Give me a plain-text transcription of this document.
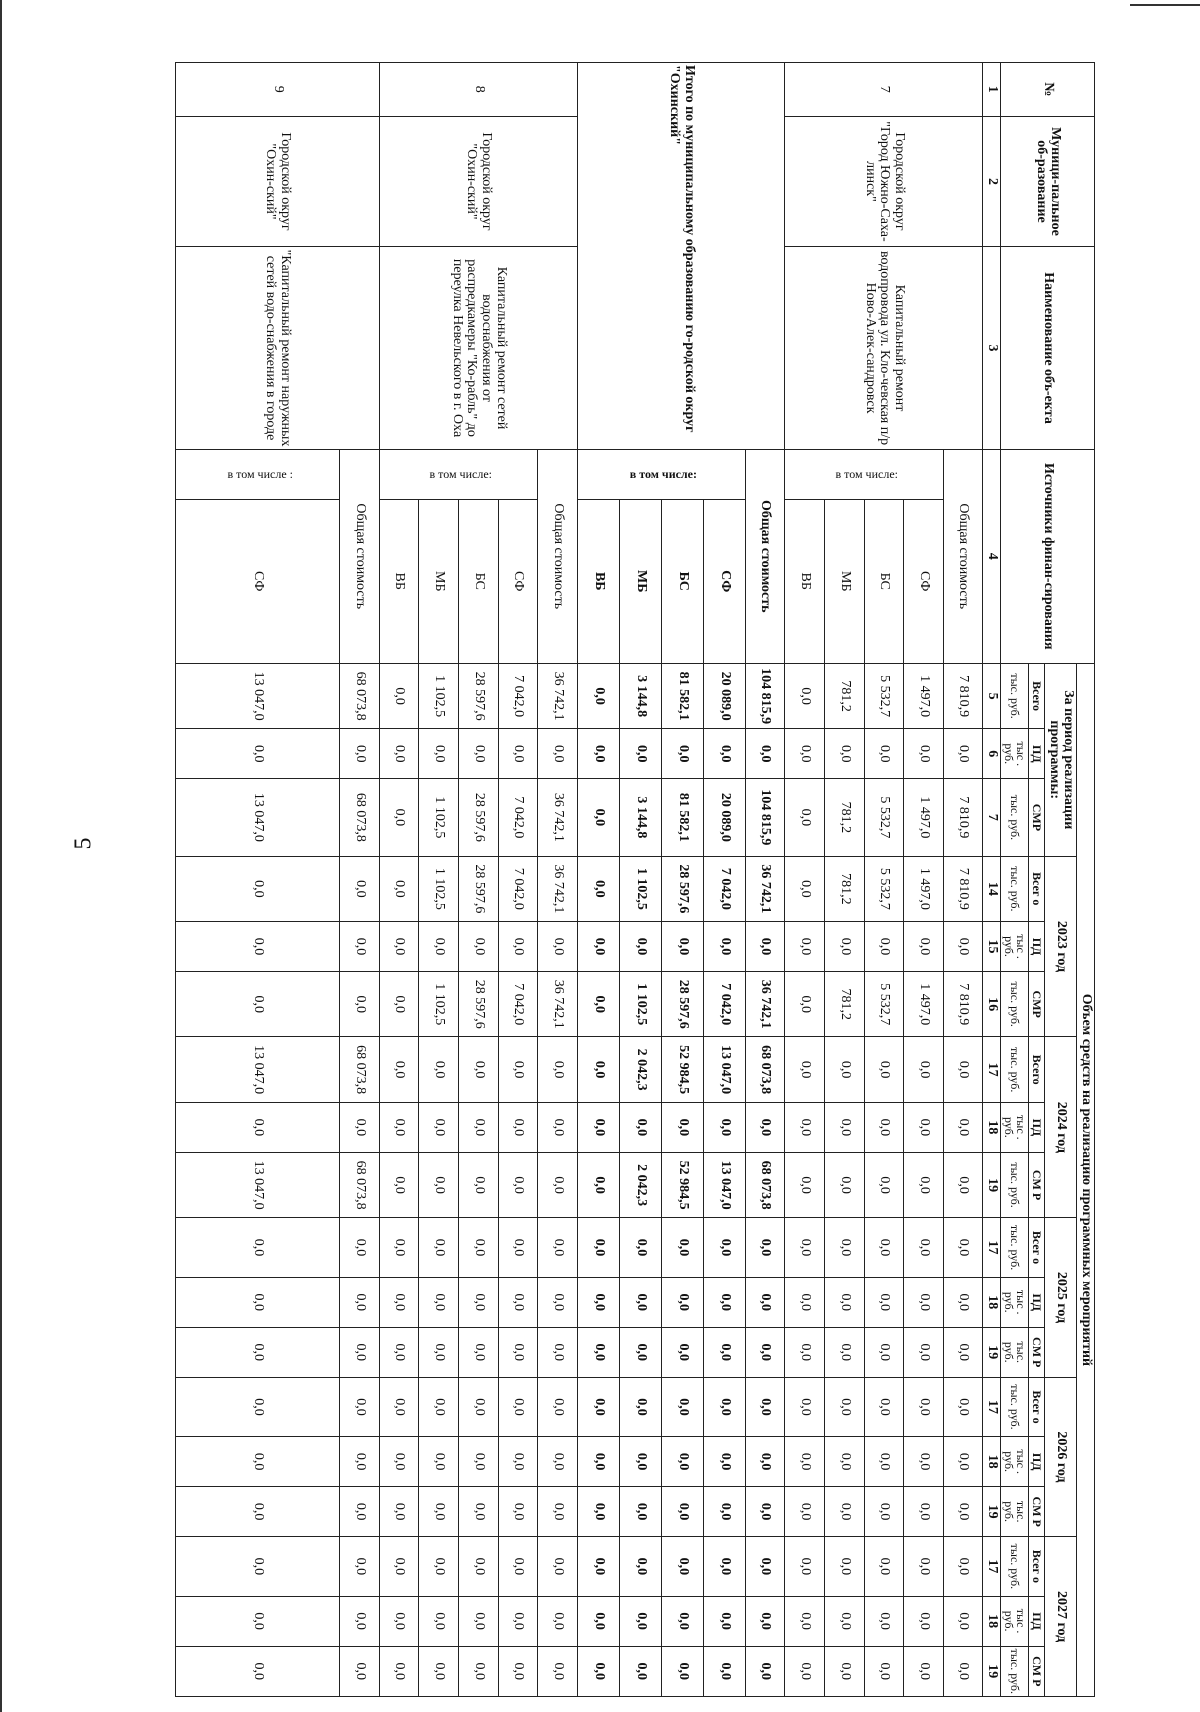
5
№	Муници-пальное об-разование	Наименование объ-екта	Источники финан-сирования		Объем средств на реализацию программных мероприятий																	
					За период реализации программы:			2023 год			2024 год			2025 год			2026 год			2027 год		
					Всего	ПД	СМР	Всег о	ПД	СМР	Всего	ПД	СМ Р	Всег о	ПД	СМ Р	Всег о	ПД	СМ Р	Всег о	ПД	СМ Р
					тыс. руб.	тыс . руб.	тыс. руб.	тыс. руб.	тыс . руб.	тыс. руб.	тыс. руб.	тыс . руб.	тыс. руб.	тыс. руб.	тыс . руб.	тыс. руб.	тыс. руб.	тыс . руб.	тыс. руб.	тыс. руб.	тыс . руб.	тыс. руб.
1	2	3	4		5	6	7	14	15	16	17	18	19	17	18	19	17	18	19	17	18	19
7	Городской округ "Город Южно-Саха-линск"	Капитальный ремонт водопровода ул. Кло-чевская п/р Ново-Алек-сандровск	Общая стоимость		7 810,9	0,0	7 810,9	7 810,9	0,0	7 810,9	0,0	0,0	0,0	0,0	0,0	0,0	0,0	0,0	0,0	0,0	0,0	0,0
			в том числе:	СФ	1 497,0	0,0	1 497,0	1 497,0	0,0	1 497,0	0,0	0,0	0,0	0,0	0,0	0,0	0,0	0,0	0,0	0,0	0,0	0,0
				БС	5 532,7	0,0	5 532,7	5 532,7	0,0	5 532,7	0,0	0,0	0,0	0,0	0,0	0,0	0,0	0,0	0,0	0,0	0,0	0,0
				МБ	781,2	0,0	781,2	781,2	0,0	781,2	0,0	0,0	0,0	0,0	0,0	0,0	0,0	0,0	0,0	0,0	0,0	0,0
				ВБ	0,0	0,0	0,0	0,0	0,0	0,0	0,0	0,0	0,0	0,0	0,0	0,0	0,0	0,0	0,0	0,0	0,0	0,0
Итого по муниципальному образованию го-родской округ "Охинский"			Общая стоимость		104 815,9	0,0	104 815,9	36 742,1	0,0	36 742,1	68 073,8	0,0	68 073,8	0,0	0,0	0,0	0,0	0,0	0,0	0,0	0,0	0,0
			в том числе:	СФ	20 089,0	0,0	20 089,0	7 042,0	0,0	7 042,0	13 047,0	0,0	13 047,0	0,0	0,0	0,0	0,0	0,0	0,0	0,0	0,0	0,0
				БС	81 582,1	0,0	81 582,1	28 597,6	0,0	28 597,6	52 984,5	0,0	52 984,5	0,0	0,0	0,0	0,0	0,0	0,0	0,0	0,0	0,0
				МБ	3 144,8	0,0	3 144,8	1 102,5	0,0	1 102,5	2 042,3	0,0	2 042,3	0,0	0,0	0,0	0,0	0,0	0,0	0,0	0,0	0,0
				ВБ	0,0	0,0	0,0	0,0	0,0	0,0	0,0	0,0	0,0	0,0	0,0	0,0	0,0	0,0	0,0	0,0	0,0	0,0
8	Городской округ "Охин-ский"	Капитальный ремонт сетей водоснабжения от распредкамеры "Ко-рабль" до переулка Невельского в г. Оха	Общая стоимость		36 742,1	0,0	36 742,1	36 742,1	0,0	36 742,1	0,0	0,0	0,0	0,0	0,0	0,0	0,0	0,0	0,0	0,0	0,0	0,0
			в том числе:	СФ	7 042,0	0,0	7 042,0	7 042,0	0,0	7 042,0	0,0	0,0	0,0	0,0	0,0	0,0	0,0	0,0	0,0	0,0	0,0	0,0
				БС	28 597,6	0,0	28 597,6	28 597,6	0,0	28 597,6	0,0	0,0	0,0	0,0	0,0	0,0	0,0	0,0	0,0	0,0	0,0	0,0
				МБ	1 102,5	0,0	1 102,5	1 102,5	0,0	1 102,5	0,0	0,0	0,0	0,0	0,0	0,0	0,0	0,0	0,0	0,0	0,0	0,0
				ВБ	0,0	0,0	0,0	0,0	0,0	0,0	0,0	0,0	0,0	0,0	0,0	0,0	0,0	0,0	0,0	0,0	0,0	0,0
9	Городской округ "Охин-ский"	"Капитальный ремонт наружных сетей водо-снабжения в городе	Общая стоимость		68 073,8	0,0	68 073,8	0,0	0,0	0,0	68 073,8	0,0	68 073,8	0,0	0,0	0,0	0,0	0,0	0,0	0,0	0,0	0,0
			в том числе :	СФ	13 047,0	0,0	13 047,0	0,0	0,0	0,0	13 047,0	0,0	13 047,0	0,0	0,0	0,0	0,0	0,0	0,0	0,0	0,0	0,0
